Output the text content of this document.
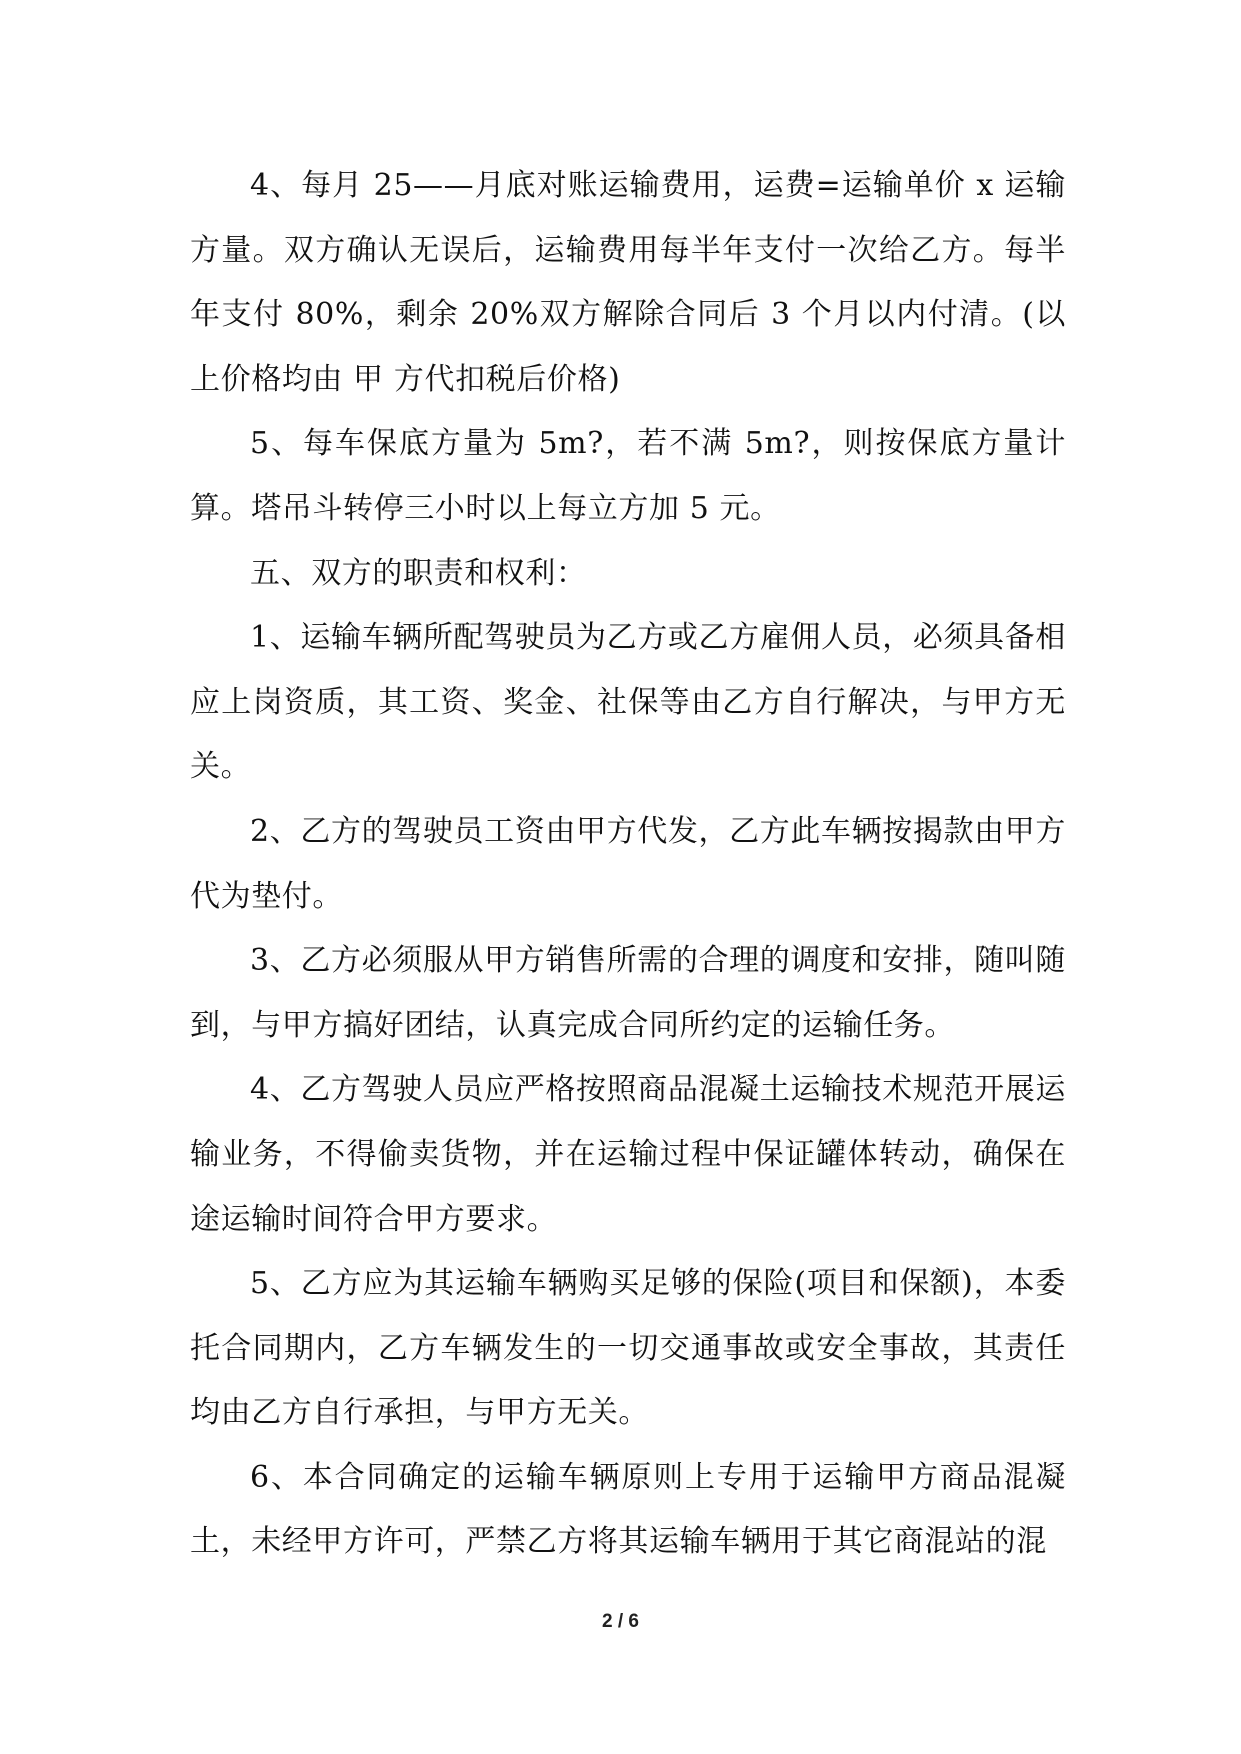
4、每月 25——月底对账运输费用，运费=运输单价 x 运输方量。双方确认无误后，运输费用每半年支付一次给乙方。每半年支付 80%，剩余 20%双方解除合同后 3 个月以内付清。(以上价格均由 甲 方代扣税后价格)

5、每车保底方量为 5m?，若不满 5m?，则按保底方量计算。塔吊斗转停三小时以上每立方加 5 元。

五、双方的职责和权利：

1、运输车辆所配驾驶员为乙方或乙方雇佣人员，必须具备相应上岗资质，其工资、奖金、社保等由乙方自行解决，与甲方无关。

2、乙方的驾驶员工资由甲方代发，乙方此车辆按揭款由甲方代为垫付。

3、乙方必须服从甲方销售所需的合理的调度和安排，随叫随到，与甲方搞好团结，认真完成合同所约定的运输任务。

4、乙方驾驶人员应严格按照商品混凝土运输技术规范开展运输业务，不得偷卖货物，并在运输过程中保证罐体转动，确保在途运输时间符合甲方要求。

5、乙方应为其运输车辆购买足够的保险(项目和保额)，本委托合同期内，乙方车辆发生的一切交通事故或安全事故，其责任均由乙方自行承担，与甲方无关。

6、本合同确定的运输车辆原则上专用于运输甲方商品混凝土，未经甲方许可，严禁乙方将其运输车辆用于其它商混站的混

2 / 6
